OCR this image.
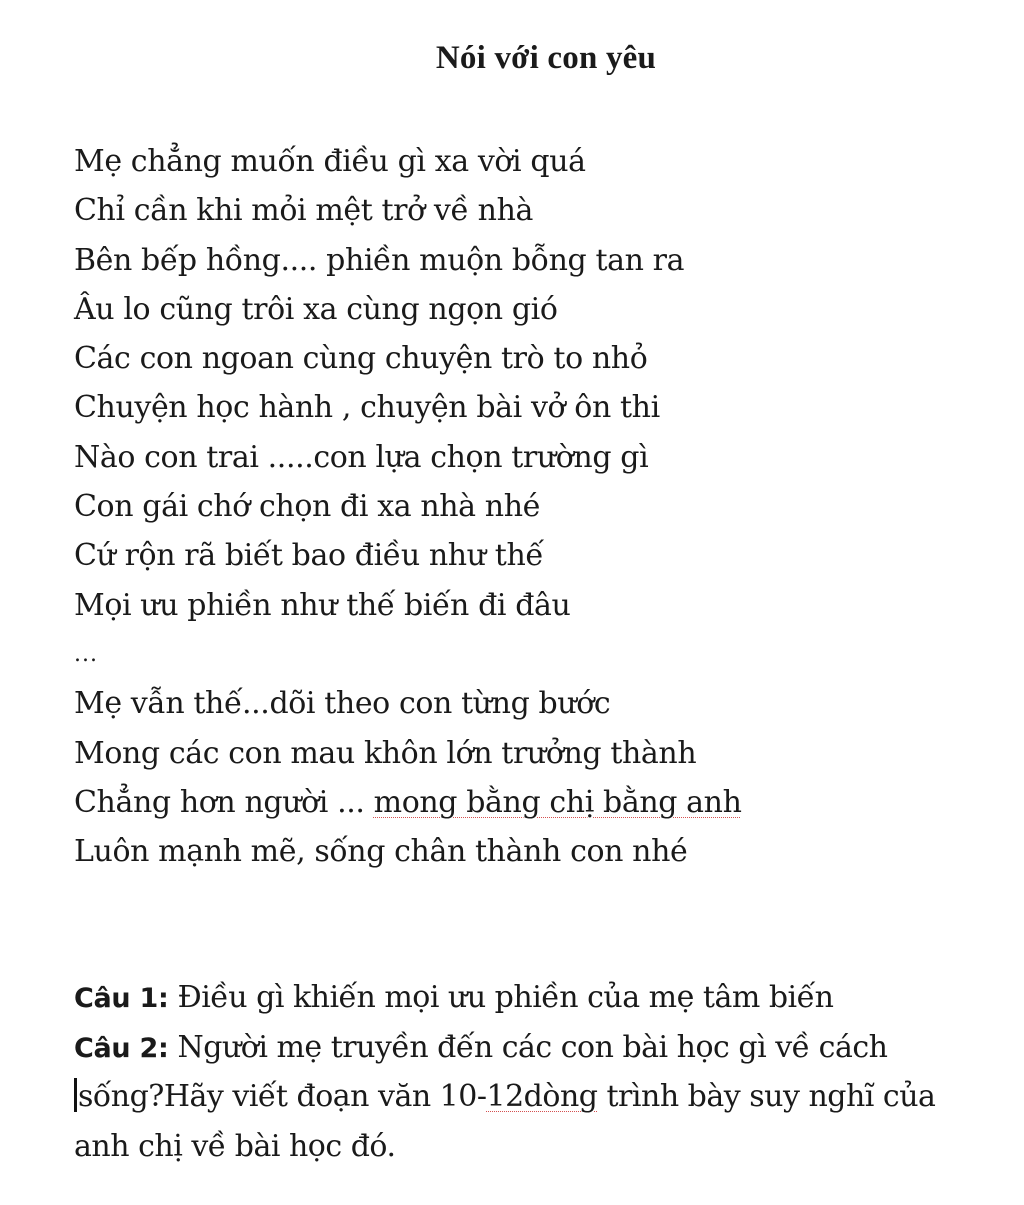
Nói với con yêu
Mẹ chẳng muốn điều gì xa vời quá
Chỉ cần khi mỏi mệt trở về nhà
Bên bếp hồng.... phiền muộn bỗng tan ra
Âu lo cũng trôi xa cùng ngọn gió
Các con ngoan cùng chuyện trò to nhỏ
Chuyện học hành , chuyện bài vở ôn thi
Nào con trai .....con lựa chọn trường gì
Con gái chớ chọn đi xa nhà nhé
Cứ rộn rã biết bao điều như thế
Mọi ưu phiền như thế biến đi đâu
...
Mẹ vẫn thế...dõi theo con từng bước
Mong các con mau khôn lớn trưởng thành
Chẳng hơn người ... mong bằng chị bằng anh
Luôn mạnh mẽ, sống chân thành con nhé
Câu 1: Điều gì khiến mọi ưu phiền của mẹ tâm biến
Câu 2: Người mẹ truyền đến các con bài học gì về cách
sống?Hãy viết đoạn văn 10-12dòng trình bày suy nghĩ của
anh chị về bài học đó.
